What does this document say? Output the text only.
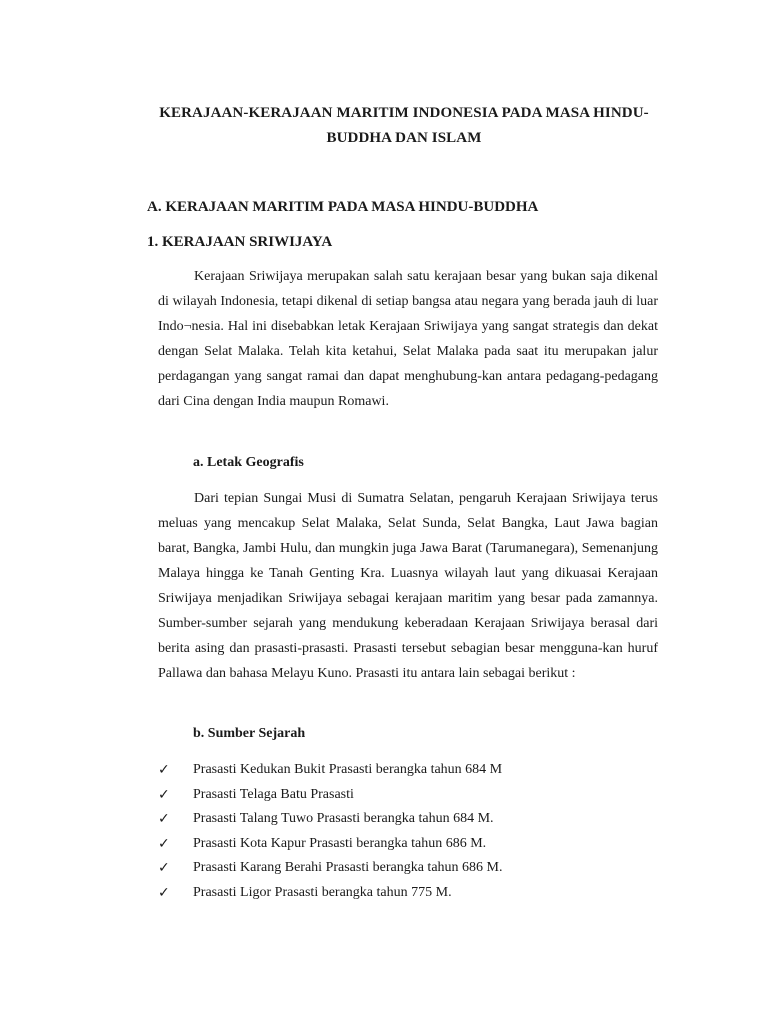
KERAJAAN-KERAJAAN MARITIM INDONESIA PADA MASA HINDU-BUDDHA DAN ISLAM
A. KERAJAAN MARITIM PADA MASA HINDU-BUDDHA
1. KERAJAAN SRIWIJAYA

Kerajaan Sriwijaya merupakan salah satu kerajaan besar yang bukan saja dikenal di wilayah Indonesia, tetapi dikenal di setiap bangsa atau negara yang berada jauh di luar Indo¬nesia. Hal ini disebabkan letak Kerajaan Sriwijaya yang sangat strategis dan dekat dengan Selat Malaka. Telah kita ketahui, Selat Malaka pada saat itu merupakan jalur perdagangan yang sangat ramai dan dapat menghubung-kan antara pedagang-pedagang dari Cina dengan India maupun Romawi.

a. Letak Geografis

Dari tepian Sungai Musi di Sumatra Selatan, pengaruh Kerajaan Sriwijaya terus meluas yang mencakup Selat Malaka, Selat Sunda, Selat Bangka, Laut Jawa bagian barat, Bangka, Jambi Hulu, dan mungkin juga Jawa Barat (Tarumanegara), Semenanjung Malaya hingga ke Tanah Genting Kra. Luasnya wilayah laut yang dikuasai Kerajaan Sriwijaya menjadikan Sriwijaya sebagai kerajaan maritim yang besar pada zamannya. Sumber-sumber sejarah yang mendukung keberadaan Kerajaan Sriwijaya berasal dari berita asing dan prasasti-prasasti. Prasasti tersebut sebagian besar mengguna-kan huruf Pallawa dan bahasa Melayu Kuno. Prasasti itu antara lain sebagai berikut :

b. Sumber Sejarah
✓	Prasasti Kedukan Bukit Prasasti berangka tahun 684 M
✓	Prasasti Telaga Batu Prasasti
✓	Prasasti Talang Tuwo Prasasti berangka tahun 684 M.
✓	Prasasti Kota Kapur Prasasti berangka tahun 686 M.
✓	Prasasti Karang Berahi Prasasti berangka tahun 686 M.
✓	Prasasti Ligor Prasasti berangka tahun 775 M.
